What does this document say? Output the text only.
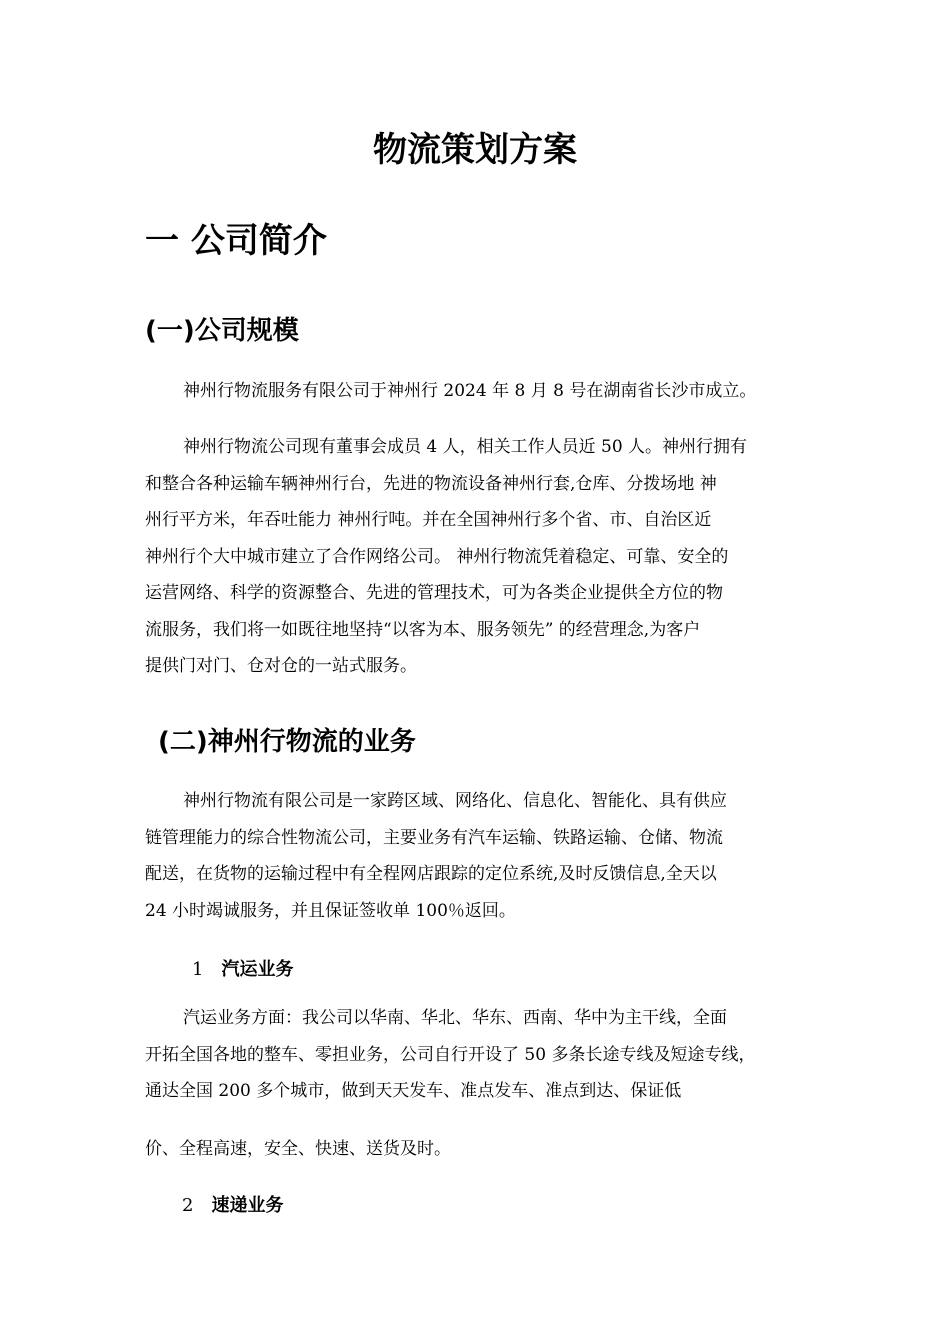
物流策划方案
一 公司简介
(一)公司规模
神州行物流服务有限公司于神州行 2024 年 8 月 8 号在湖南省长沙市成立。
神州行物流公司现有董事会成员 4 人，相关工作人员近 50 人。神州行拥有
和整合各种运输车辆神州行台，先进的物流设备神州行套,仓库、分拨场地 神
州行平方米，年吞吐能力 神州行吨。并在全国神州行多个省、市、自治区近
神州行个大中城市建立了合作网络公司。 神州行物流凭着稳定、可靠、安全的
运营网络、科学的资源整合、先进的管理技术，可为各类企业提供全方位的物
流服务，我们将一如既往地坚持“以客为本、服务领先” 的经营理念,为客户
提供门对门、仓对仓的一站式服务。
(二)神州行物流的业务
神州行物流有限公司是一家跨区域、网络化、信息化、智能化、具有供应
链管理能力的综合性物流公司，主要业务有汽车运输、铁路运输、仓储、物流
配送，在货物的运输过程中有全程网店跟踪的定位系统,及时反馈信息,全天以
24 小时竭诚服务，并且保证签收单 100％返回。
1 汽运业务
汽运业务方面：我公司以华南、华北、华东、西南、华中为主干线，全面
开拓全国各地的整车、零担业务，公司自行开设了 50 多条长途专线及短途专线，
通达全国 200 多个城市，做到天天发车、准点发车、准点到达、保证低
价、全程高速，安全、快速、送货及时。
2 速递业务
